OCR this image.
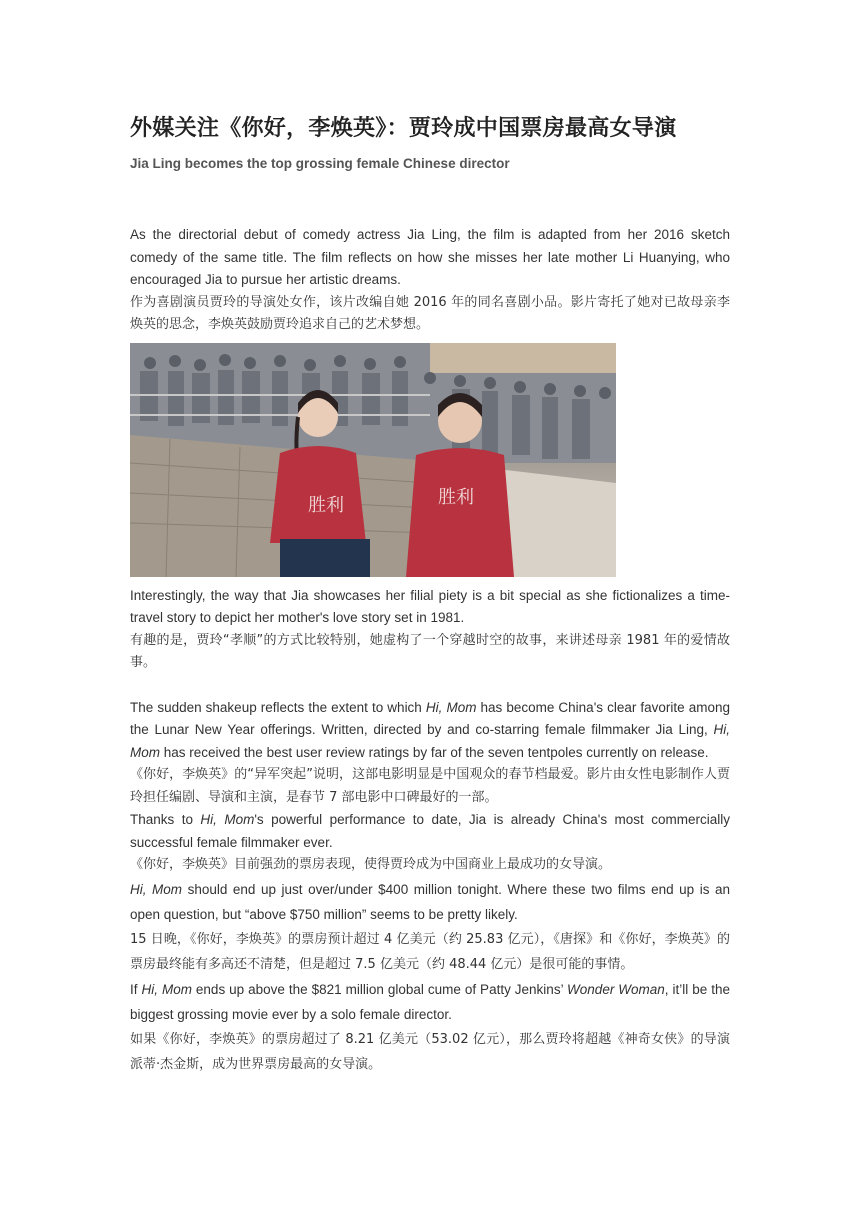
外媒关注《你好，李焕英》：贾玲成中国票房最高女导演
Jia Ling becomes the top grossing female Chinese director

As the directorial debut of comedy actress Jia Ling, the film is adapted from her 2016 sketch comedy of the same title. The film reflects on how she misses her late mother Li Huanying, who encouraged Jia to pursue her artistic dreams.

作为喜剧演员贾玲的导演处女作，该片改编自她 2016 年的同名喜剧小品。影片寄托了她对已故母亲李焕英的思念，李焕英鼓励贾玲追求自己的艺术梦想。

胜利	胜利

Interestingly, the way that Jia showcases her filial piety is a bit special as she fictionalizes a time-travel story to depict her mother's love story set in 1981.

有趣的是，贾玲“孝顺”的方式比较特别，她虚构了一个穿越时空的故事，来讲述母亲 1981 年的爱情故事。

The sudden shakeup reflects the extent to which Hi, Mom has become China's clear favorite among the Lunar New Year offerings. Written, directed by and co-starring female filmmaker Jia Ling, Hi, Mom has received the best user review ratings by far of the seven tentpoles currently on release.

《你好，李焕英》的“异军突起”说明，这部电影明显是中国观众的春节档最爱。影片由女性电影制作人贾玲担任编剧、导演和主演，是春节 7 部电影中口碑最好的一部。

Thanks to Hi, Mom's powerful performance to date, Jia is already China's most commercially successful female filmmaker ever.

《你好，李焕英》目前强劲的票房表现，使得贾玲成为中国商业上最成功的女导演。

Hi, Mom should end up just over/under $400 million tonight. Where these two films end up is an open question, but “above $750 million” seems to be pretty likely.

15 日晚，《你好，李焕英》的票房预计超过 4 亿美元（约 25.83 亿元），《唐探》和《你好，李焕英》的票房最终能有多高还不清楚，但是超过 7.5 亿美元（约 48.44 亿元）是很可能的事情。

If Hi, Mom ends up above the $821 million global cume of Patty Jenkins’ Wonder Woman, it’ll be the biggest grossing movie ever by a solo female director.

如果《你好，李焕英》的票房超过了 8.21 亿美元（53.02 亿元），那么贾玲将超越《神奇女侠》的导演派蒂·杰金斯，成为世界票房最高的女导演。
